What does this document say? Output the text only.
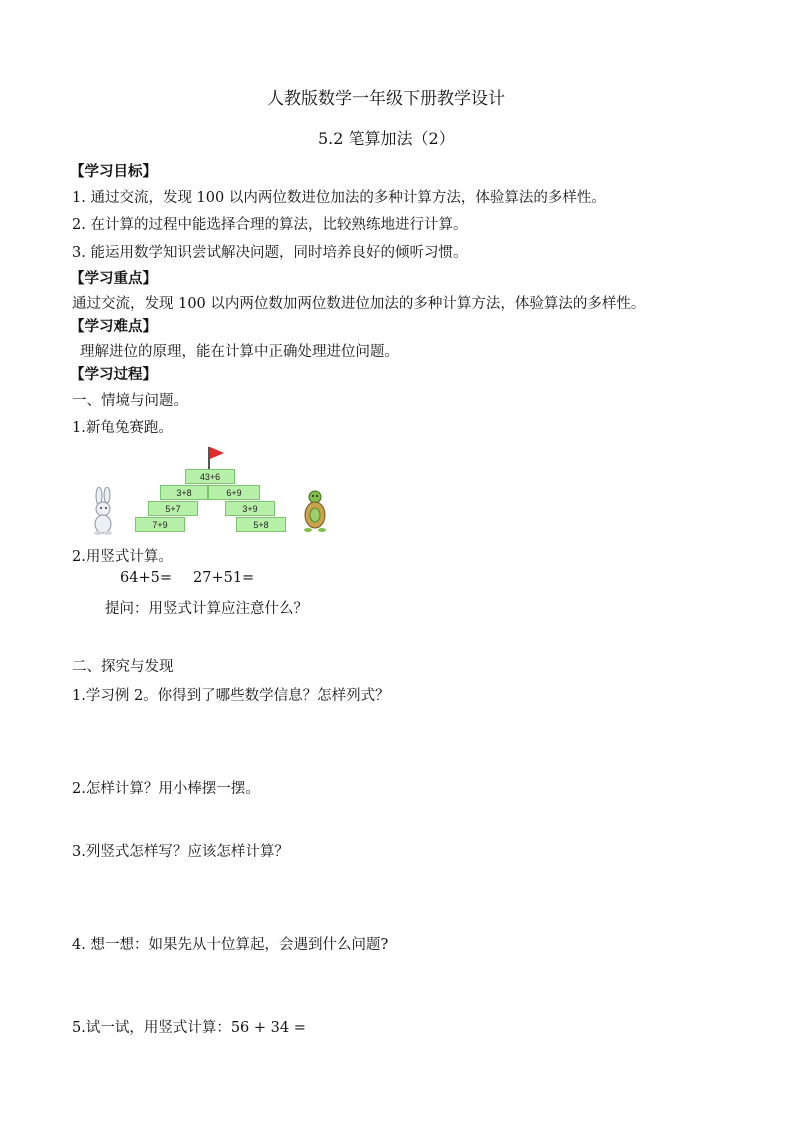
人教版数学一年级下册教学设计
5.2 笔算加法（2）
【学习目标】
1. 通过交流，发现 100 以内两位数进位加法的多种计算方法，体验算法的多样性。
2. 在计算的过程中能选择合理的算法，比较熟练地进行计算。
3. 能运用数学知识尝试解决问题，同时培养良好的倾听习惯。
【学习重点】
通过交流，发现 100 以内两位数加两位数进位加法的多种计算方法，体验算法的多样性。
【学习难点】
理解进位的原理，能在计算中正确处理进位问题。
【学习过程】
一、情境与问题。
1.新龟兔赛跑。
43+6
3+8	6+9
5+7	3+9
7+9	5+8
2.用竖式计算。
64+5= 27+51=
提问：用竖式计算应注意什么？
二、探究与发现
1.学习例 2。你得到了哪些数学信息？怎样列式？
2.怎样计算？用小棒摆一摆。
3.列竖式怎样写？应该怎样计算？
4. 想一想：如果先从十位算起，会遇到什么问题?
5.试一试，用竖式计算：56 + 34 =
